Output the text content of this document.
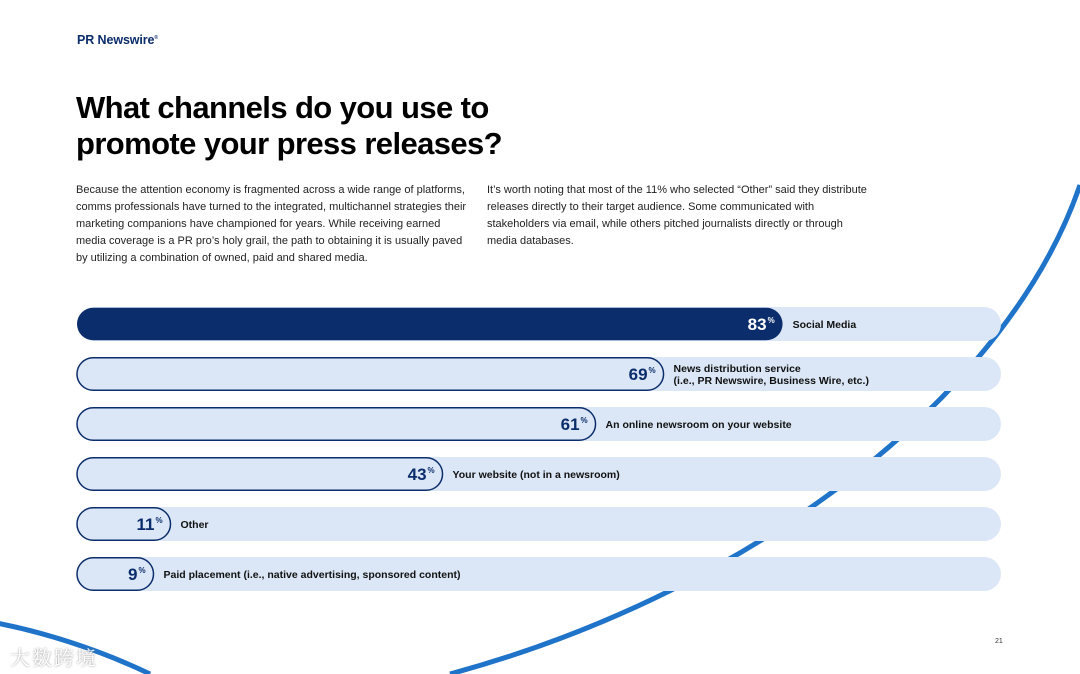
PR Newswire®
What channels do you use to promote your press releases?

Because the attention economy is fragmented across a wide range of platforms, comms professionals have turned to the integrated, multichannel strategies their marketing companions have championed for years. While receiving earned media coverage is a PR pro’s holy grail, the path to obtaining it is usually paved by utilizing a combination of owned, paid and shared media.

It’s worth noting that most of the 11% who selected “Other” said they distribute releases directly to their target audience. Some communicated with stakeholders via email, while others pitched journalists directly or through media databases.

83 % Social Media
69 % News distribution service
(i.e., PR Newswire, Business Wire, etc.)
61 % An online newsroom on your website
43 % Your website (not in a newsroom)
11 % Other
9 % Paid placement (i.e., native advertising, sponsored content)
21
大数跨境
